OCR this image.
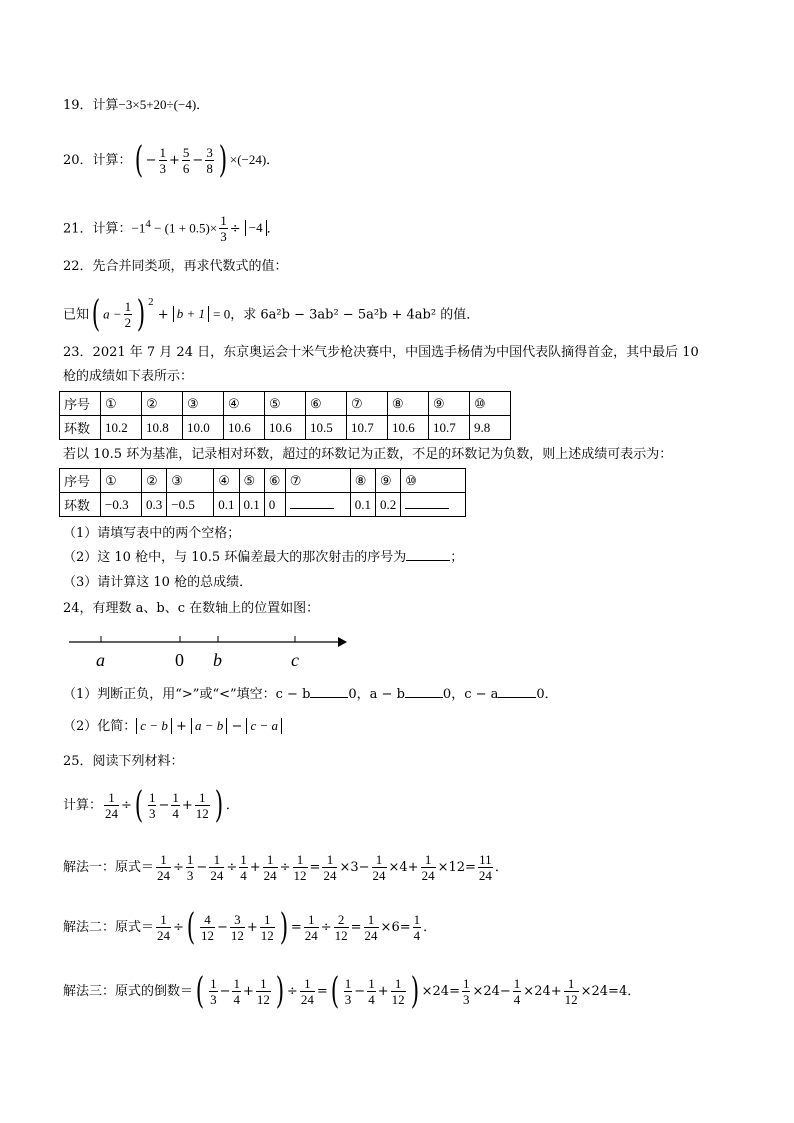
19．计算−3×5+20÷(−4)．
20．计算：( − $\frac{1}{3} + \frac{5}{6} - \frac{3}{8}$ ) ×(−24)．
21．计算：$-1^4 - (1 + 0.5)\times \frac{1}{3} \div -4$ ．
22．先合并同类项，再求代数式的值：
已知( $a - \frac{1}{2}$ ) $^2$ + b + 1 = 0，求 6a²b − 3ab² − 5a²b + 4ab² 的值．
23．2021 年 7 月 24 日，东京奥运会十米气步枪决赛中，中国选手杨倩为中国代表队摘得首金，其中最后 10
枪的成绩如下表所示：
序号	①	②	③	④	⑤	⑥	⑦	⑧	⑨	⑩
环数	10.2	10.8	10.0	10.6	10.6	10.5	10.7	10.6	10.7	9.8
若以 10.5 环为基准，记录相对环数，超过的环数记为正数，不足的环数记为负数，则上述成绩可表示为：
序号	①	②	③	④	⑤	⑥	⑦	⑧	⑨	⑩
环数	−0.3	0.3	−0.5	0.1	0.1	0		0.1	0.2	
（1）请填写表中的两个空格；
（2）这 10 枪中，与 10.5 环偏差最大的那次射击的序号为	；
（3）请计算这 10 枪的总成绩．
24，有理数 a、b、c 在数轴上的位置如图：
a	0 b	c
（1）判断正负，用“>”或“<”填空：c − b	0，a − b	0，c − a	0．
（2）化简： c − b + a − b − c − a
25．阅读下列材料：
计算： $\frac{1}{24}$ ÷( $\frac{1}{3} - \frac{1}{4} + \frac{1}{12}$ ) ．
解法一：原式＝ $\frac{1}{24} \div \frac{1}{3} - \frac{1}{24} \div \frac{1}{4} + \frac{1}{24} \div \frac{1}{12} = \frac{1}{24} \times 3- \frac{1}{24} \times 4+ \frac{1}{24} \times 12= \frac{11}{24}$ ．
解法二：原式＝ $\frac{1}{24}$ ÷( $\frac{4}{12} - \frac{3}{12} + \frac{1}{12}$ ) = $\frac{1}{24} \div \frac{2}{12} = \frac{1}{24} \times 6= \frac{1}{4}$ ．
解法三：原式的倒数＝( $\frac{1}{3} - \frac{1}{4} + \frac{1}{12}$ ) ÷ $\frac{1}{24}$ =( $\frac{1}{3} - \frac{1}{4} + \frac{1}{12}$ ) $\times 24= \frac{1}{3} \times 24- \frac{1}{4} \times 24+ \frac{1}{12} \times 24=4$．
